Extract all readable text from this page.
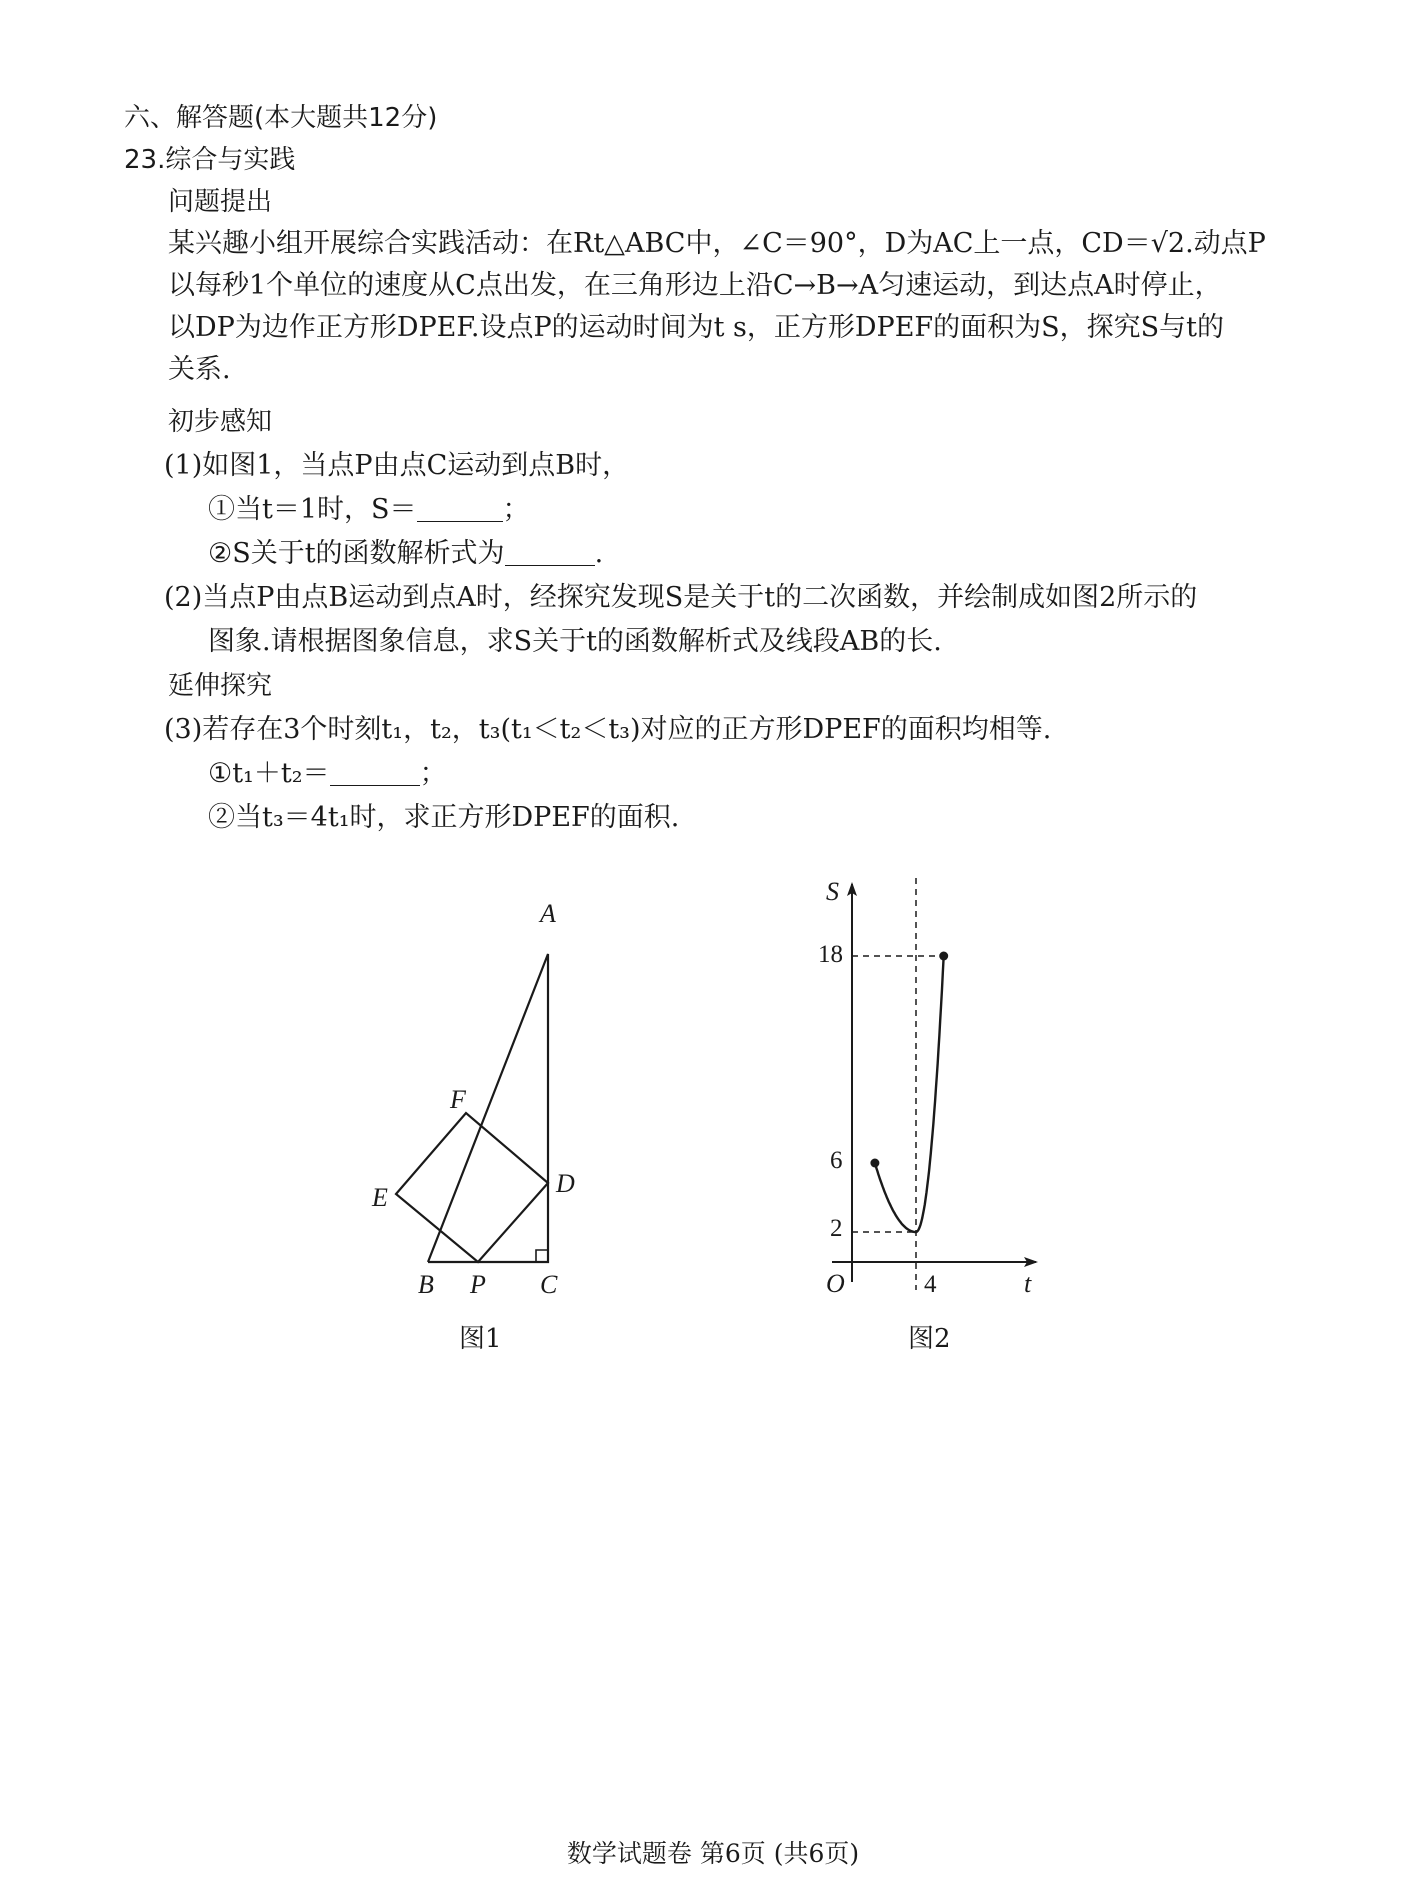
六、解答题(本大题共12分)
23.综合与实践
问题提出
某兴趣小组开展综合实践活动：在Rt△ABC中，∠C＝90°，D为AC上一点，CD＝√2.动点P
以每秒1个单位的速度从C点出发，在三角形边上沿C→B→A匀速运动，到达点A时停止，
以DP为边作正方形DPEF.设点P的运动时间为t s，正方形DPEF的面积为S，探究S与t的
关系.
初步感知
(1)如图1，当点P由点C运动到点B时，
①当t＝1时，S＝	；
②S关于t的函数解析式为	.
(2)当点P由点B运动到点A时，经探究发现S是关于t的二次函数，并绘制成如图2所示的
图象.请根据图象信息，求S关于t的函数解析式及线段AB的长.
延伸探究
(3)若存在3个时刻t₁，t₂，t₃(t₁＜t₂＜t₃)对应的正方形DPEF的面积均相等.
①t₁＋t₂＝	；
②当t₃＝4t₁时，求正方形DPEF的面积.
A
B	C
D
E
F
P
图1
S
t
O
18
6
2
4
图2
数学试题卷 第6页 (共6页)
